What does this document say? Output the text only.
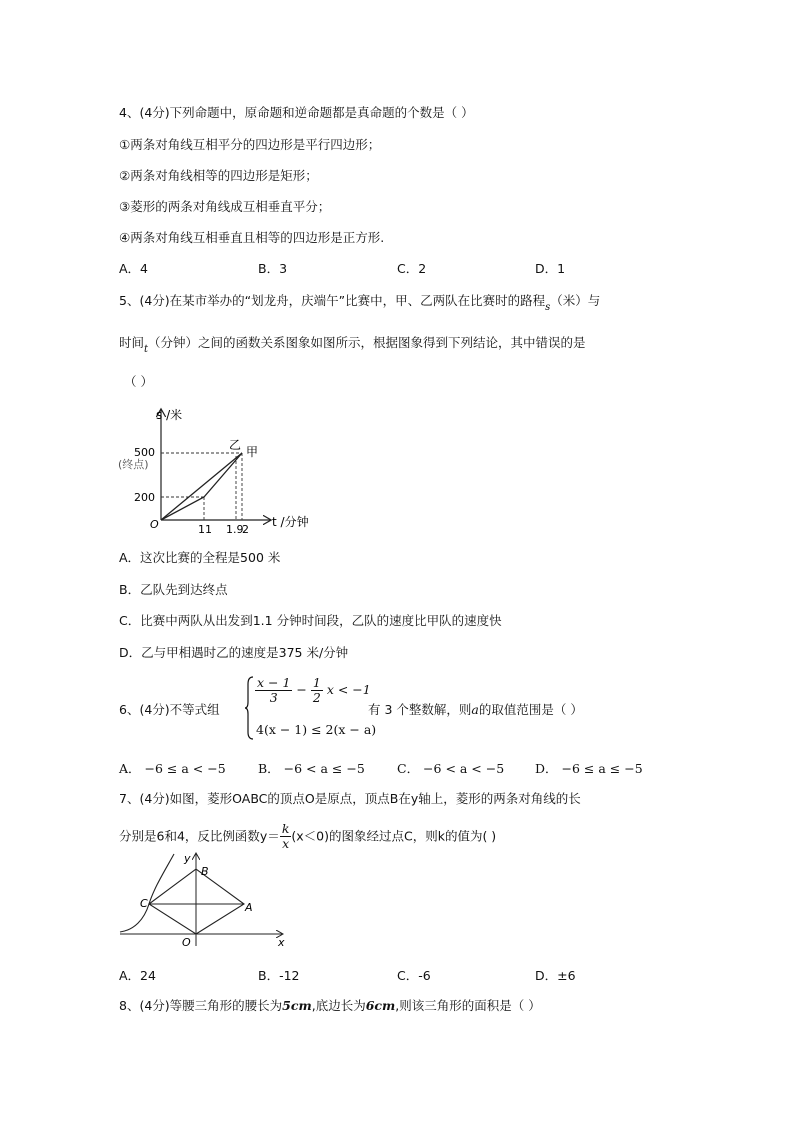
4、(4分)下列命题中，原命题和逆命题都是真命题的个数是（ ）
①两条对角线互相平分的四边形是平行四边形；
②两条对角线相等的四边形是矩形；
③菱形的两条对角线成互相垂直平分；
④两条对角线互相垂直且相等的四边形是正方形.
A．4	B．3	C．2	D．1
5、(4分)在某市举办的“划龙舟，庆端午”比赛中，甲、乙两队在比赛时的路程$_s$（米）与
时间$_t$（分钟）之间的函数关系图象如图所示，根据图象得到下列结论，其中错误的是
（ ）
s /米
t /分钟
O
500
(终点)
200
11 1.9
2
乙 甲
A．这次比赛的全程是500 米
B．乙队先到达终点
C．比赛中两队从出发到1.1 分钟时间段，乙队的速度比甲队的速度快
D．乙与甲相遇时乙的速度是375 米/分钟
6、(4分)不等式组
$\frac{x - 1}{3} - \frac{1}{2}$ x < −1
4(x − 1) ≤ 2(x − a)
有 3 个整数解，则a的取值范围是（ ）
A． −6 ≤ a < −5	B． −6 < a ≤ −5	C． −6 < a < −5 D． −6 ≤ a ≤ −5
7、(4分)如图，菱形OABC的顶点O是原点，顶点B在y轴上，菱形的两条对角线的长
分别是6和4，反比例函数$y= \frac{k}{x} (x<0)$的图象经过点C，则k的值为( )
y
x
B
C	A
O
A．24	B．-12	C．-6	D．±6
8、(4分)等腰三角形的腰长为5cm,底边长为6cm,则该三角形的面积是（ ）
